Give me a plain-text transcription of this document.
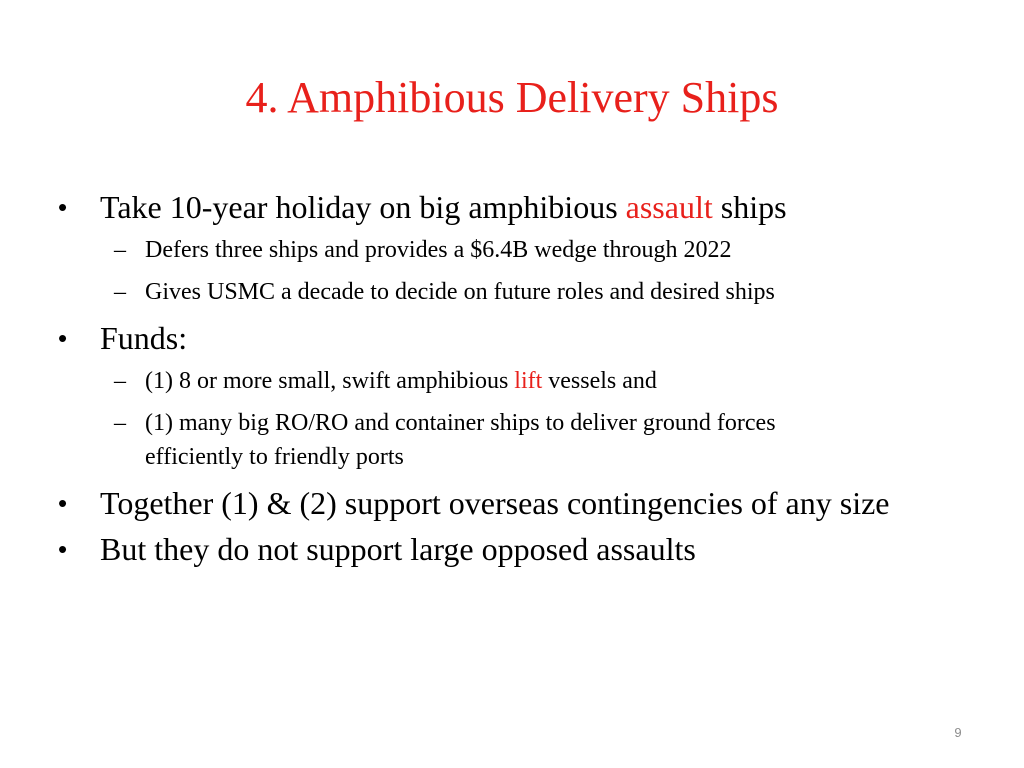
4. Amphibious Delivery Ships
• Take 10-year holiday on big amphibious assault ships
– Defers three ships and provides a $6.4B wedge through 2022
– Gives USMC a decade to decide on future roles and desired ships
• Funds:
– (1) 8 or more small, swift amphibious lift vessels and
– (1) many big RO/RO and container ships to deliver ground forces
efficiently to friendly ports
• Together (1) & (2) support overseas contingencies of any size
• But they do not support large opposed assaults
9
